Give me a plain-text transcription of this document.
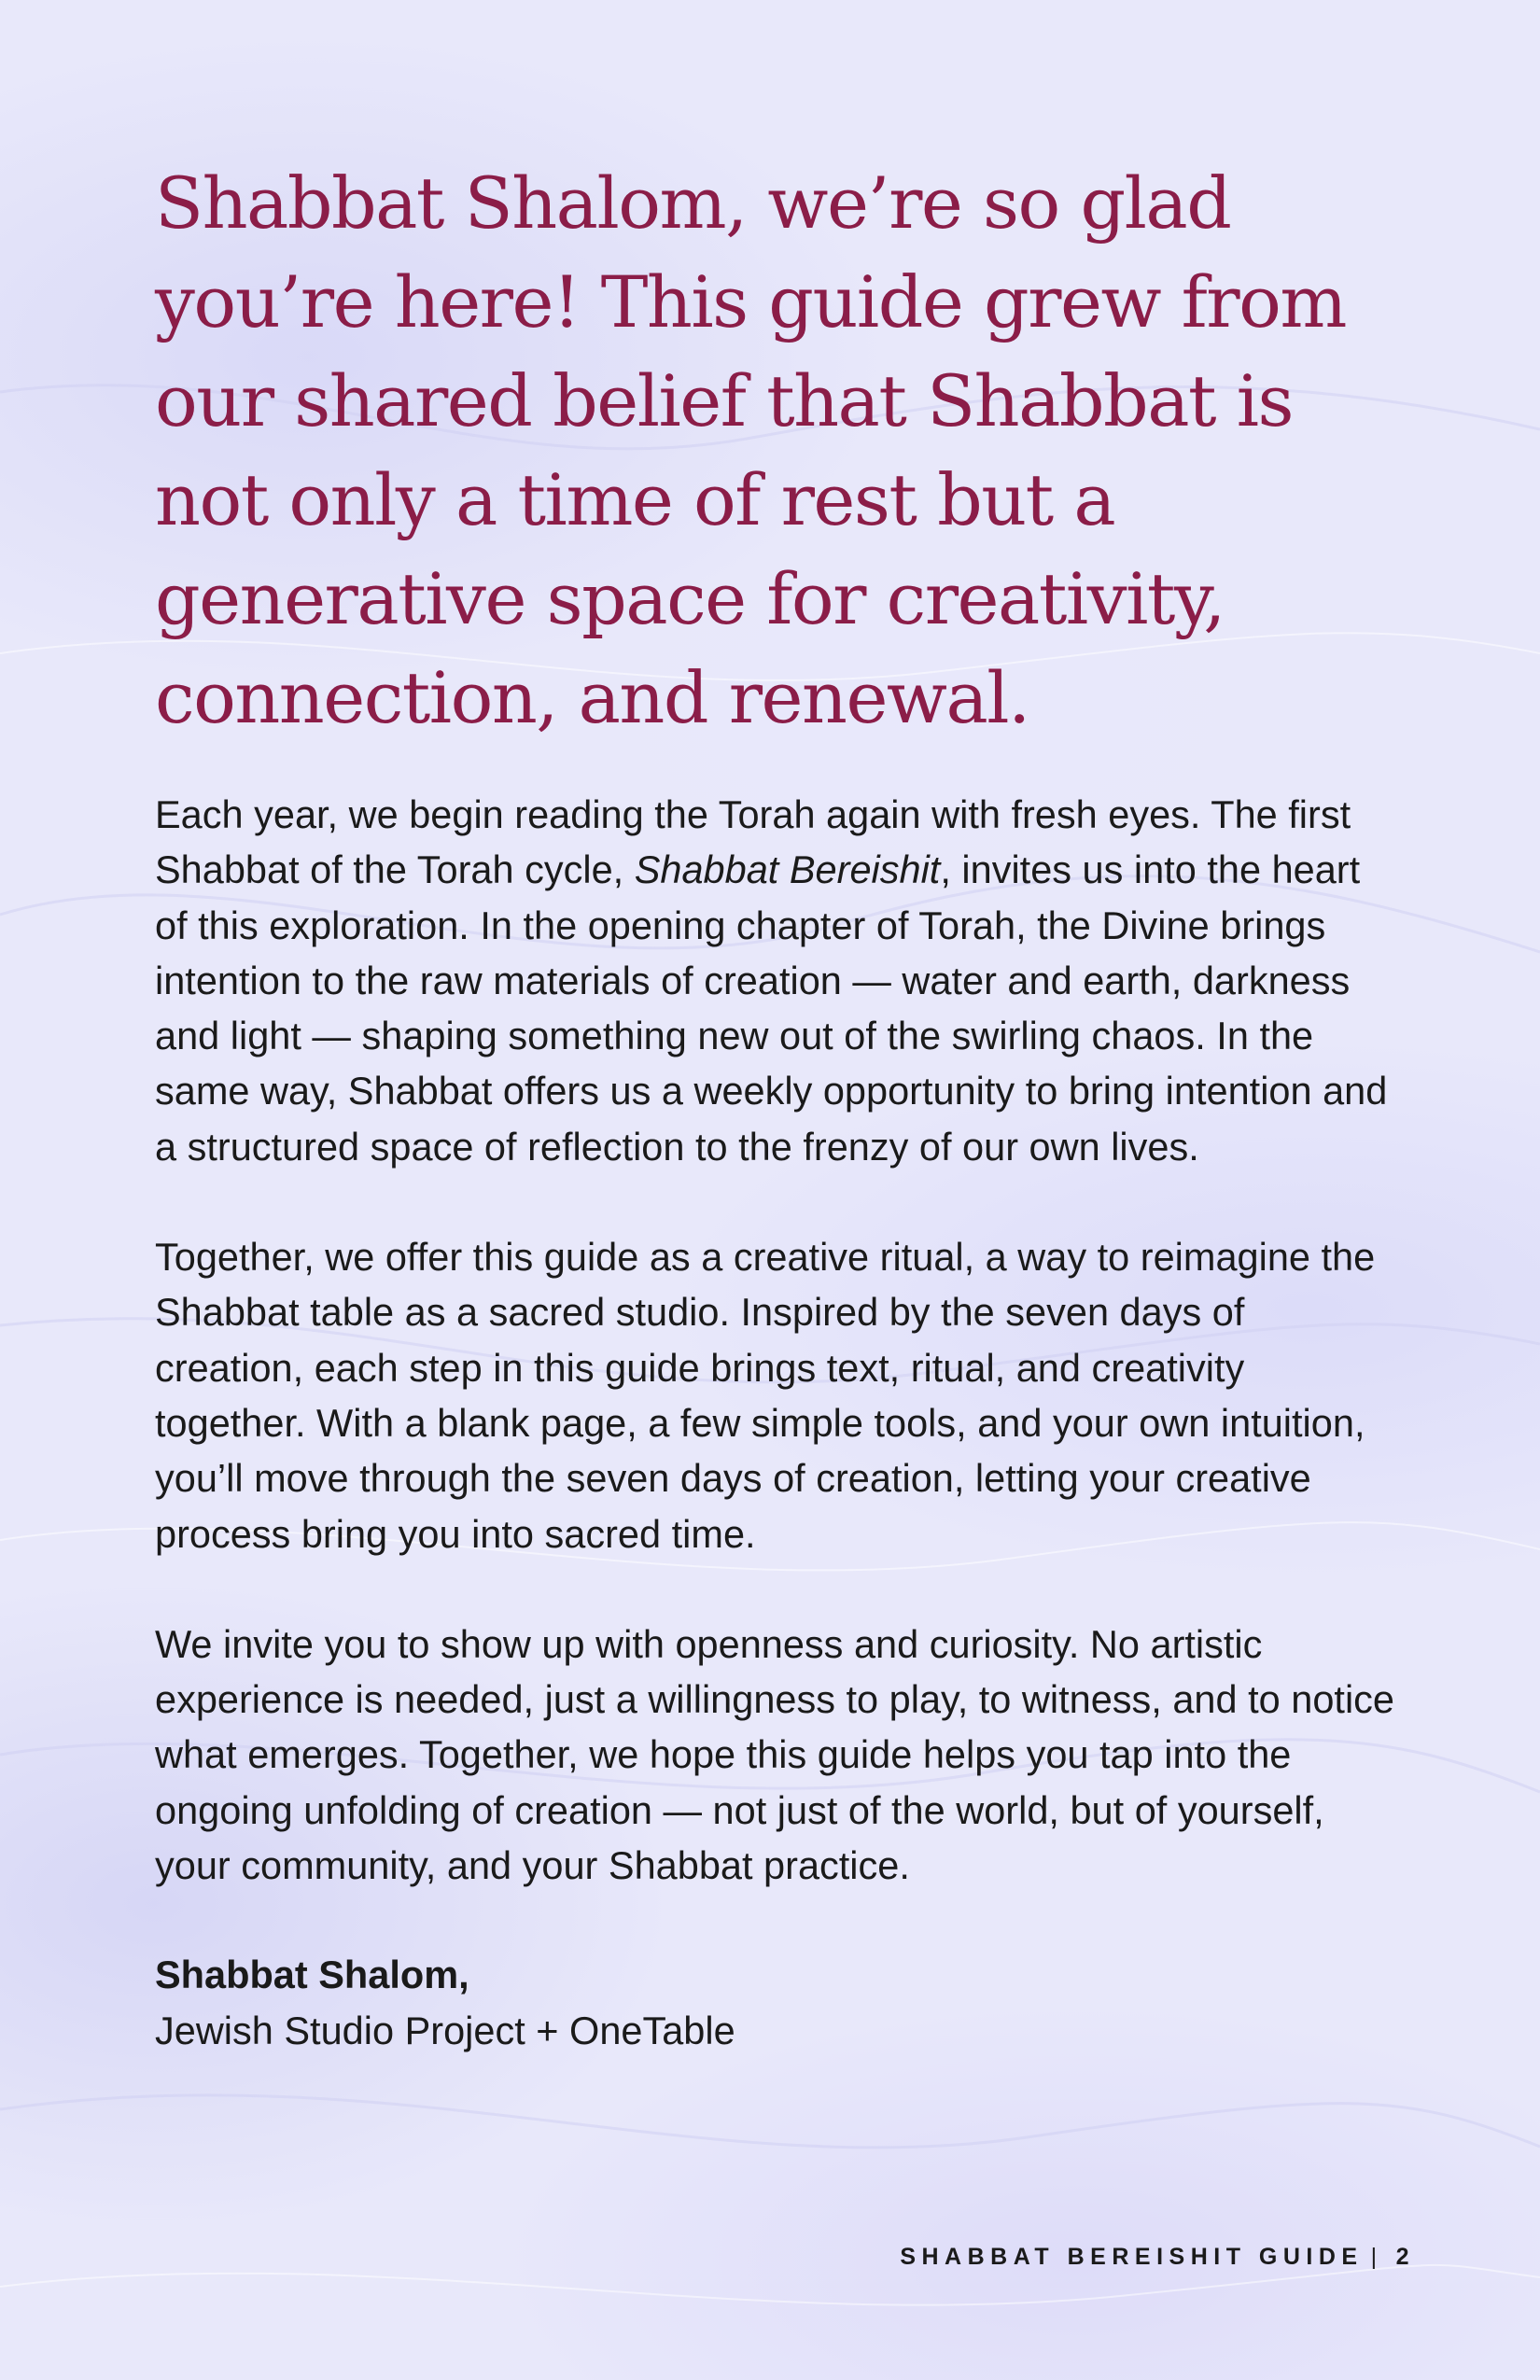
Shabbat Shalom, we’re so glad you’re here! This guide grew from our shared belief that Shabbat is not only a time of rest but a generative space for creativity, connection, and renewal.

Each year, we begin reading the Torah again with fresh eyes. The first Shabbat of the Torah cycle, Shabbat Bereishit, invites us into the heart of this exploration. In the opening chapter of Torah, the Divine brings intention to the raw materials of creation — water and earth, darkness and light — shaping something new out of the swirling chaos. In the same way, Shabbat offers us a weekly opportunity to bring intention and a structured space of reflection to the frenzy of our own lives.

Together, we offer this guide as a creative ritual, a way to reimagine the Shabbat table as a sacred studio. Inspired by the seven days of creation, each step in this guide brings text, ritual, and creativity together. With a blank page, a few simple tools, and your own intuition, you’ll move through the seven days of creation, letting your creative process bring you into sacred time.

We invite you to show up with openness and curiosity. No artistic experience is needed, just a willingness to play, to witness, and to notice what emerges. Together, we hope this guide helps you tap into the ongoing unfolding of creation — not just of the world, but of yourself, your community, and your Shabbat practice.

Shabbat Shalom,
Jewish Studio Project + OneTable

SHABBAT BEREISHIT GUIDE | 2
